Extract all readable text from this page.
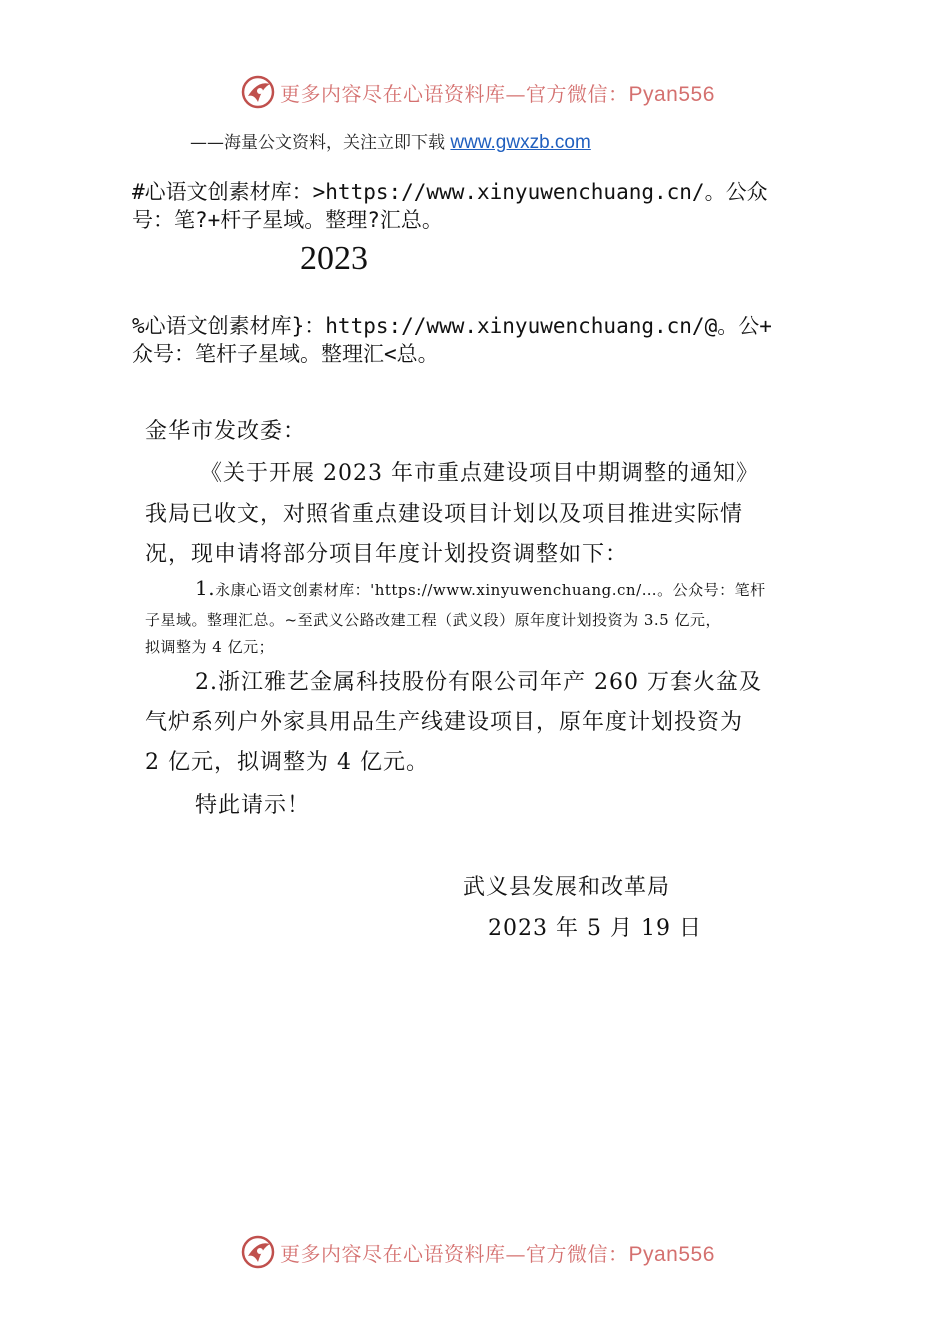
更多内容尽在心语资料库—官方微信：Pyan556
——海量公文资料，关注立即下载 www.gwxzb.com
#心语文创素材库：>https://www.xinyuwenchuang.cn/。公众
号：笔?+杆子星域。整理?汇总。
2023
%心语文创素材库}：https://www.xinyuwenchuang.cn/@。公+
众号：笔杆子星域。整理汇<总。
金华市发改委：
《关于开展 2023 年市重点建设项目中期调整的通知》
我局已收文，对照省重点建设项目计划以及项目推进实际情
况，现申请将部分项目年度计划投资调整如下：
1.永康心语文创素材库：'https://www.xinyuwenchuang.cn/…。公众号：笔杆
子星域。整理汇总。~至武义公路改建工程（武义段）原年度计划投资为 3.5 亿元，
拟调整为 4 亿元；
2.浙江雅艺金属科技股份有限公司年产 260 万套火盆及
气炉系列户外家具用品生产线建设项目，原年度计划投资为
2 亿元，拟调整为 4 亿元。
特此请示！
武义县发展和改革局
2023 年 5 月 19 日
更多内容尽在心语资料库—官方微信：Pyan556
